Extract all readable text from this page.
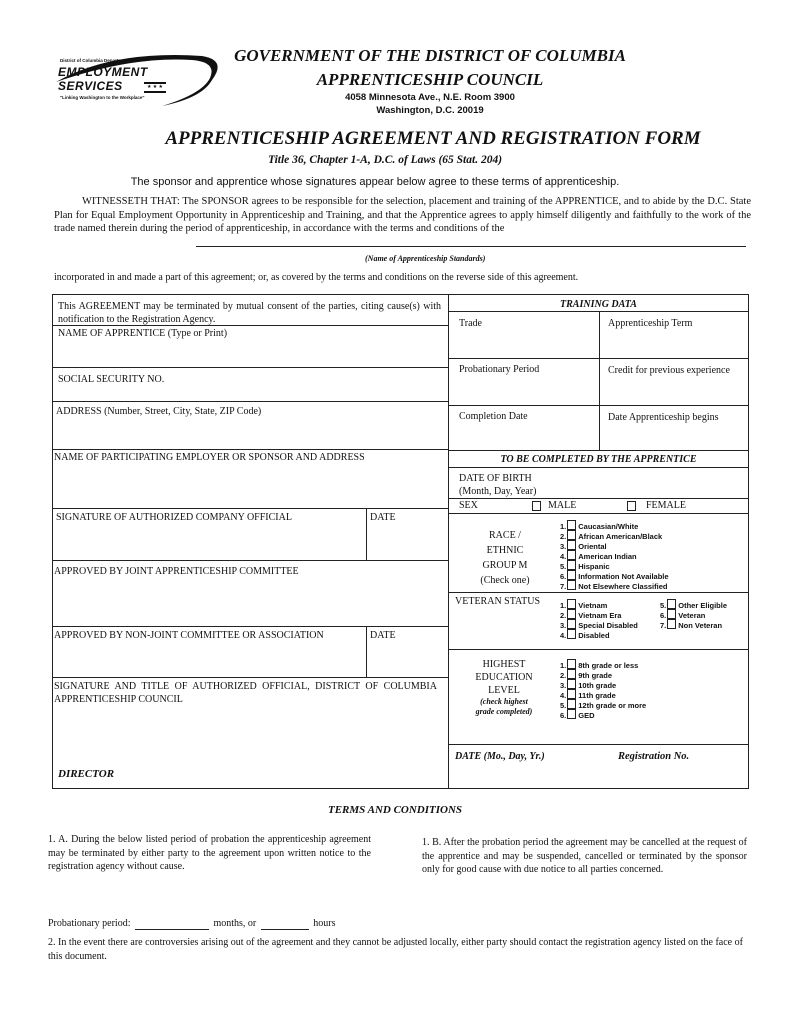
District of Columbia Department of
EMPLOYMENT
SERVICES	★ ★ ★
"Linking Washington to the Workplace"
GOVERNMENT OF THE DISTRICT OF COLUMBIA
APPRENTICESHIP COUNCIL
4058 Minnesota Ave., N.E. Room 3900
Washington, D.C. 20019
APPRENTICESHIP AGREEMENT AND REGISTRATION FORM
Title 36, Chapter 1-A, D.C. of Laws (65 Stat. 204)
The sponsor and apprentice whose signatures appear below agree to these terms of apprenticeship.
WITNESSETH THAT: The SPONSOR agrees to be responsible for the selection, placement and training of the APPRENTICE, and to abide by the D.C. State Plan for Equal Employment Opportunity in Apprenticeship and Training, and that the Apprentice agrees to apply himself diligently and faithfully to the work of the trade named therein during the period of apprenticeship, in accordance with the terms and conditions of the
(Name of Apprenticeship Standards)
incorporated in and made a part of this agreement; or, as covered by the terms and conditions on the reverse side of this agreement.
This AGREEMENT may be terminated by mutual consent of the parties, citing cause(s) with notification to the Registration Agency.
NAME OF APPRENTICE (Type or Print)
SOCIAL SECURITY NO.
ADDRESS (Number, Street, City, State, ZIP Code)
NAME OF PARTICIPATING EMPLOYER OR SPONSOR AND ADDRESS
SIGNATURE OF AUTHORIZED COMPANY OFFICIAL	DATE
APPROVED BY JOINT APPRENTICESHIP COMMITTEE
APPROVED BY NON-JOINT COMMITTEE OR ASSOCIATION	DATE
SIGNATURE AND TITLE OF AUTHORIZED OFFICIAL, DISTRICT OF COLUMBIA APPRENTICESHIP COUNCIL
DIRECTOR
TRAINING DATA
Trade	Apprenticeship Term
Probationary Period	Credit for previous experience
Completion Date	Date Apprenticeship begins
TO BE COMPLETED BY THE APPRENTICE
DATE OF BIRTH
(Month, Day, Year)
SEX	MALE	FEMALE
RACE /
ETHNIC
GROUP M
(Check one)
1. Caucasian/White
2. African American/Black
3. Oriental
4. American Indian
5. Hispanic
6. Information Not Available
7. Not Elsewhere Classified
VETERAN STATUS	1. Vietnam
2. Vietnam Era
3. Special Disabled
4. Disabled
5. Other Eligible
6. Veteran
7. Non Veteran
HIGHEST
EDUCATION
LEVEL
(check highest
grade completed)
1. 8th grade or less
2. 9th grade
3. 10th grade
4. 11th grade
5. 12th grade or more
6. GED
DATE (Mo., Day, Yr.)	Registration No.
TERMS AND CONDITIONS
1. A. During the below listed period of probation the apprenticeship agreement may be terminated by either party to the agreement upon written notice to the registration agency without cause.
1. B. After the probation period the agreement may be cancelled at the request of the apprentice and may be suspended, cancelled or terminated by the sponsor only for good cause with due notice to all parties concerned.
Probationary period:	months, or	hours
2. In the event there are controversies arising out of the agreement and they cannot be adjusted locally, either party should contact the registration agency listed on the face of this document.
